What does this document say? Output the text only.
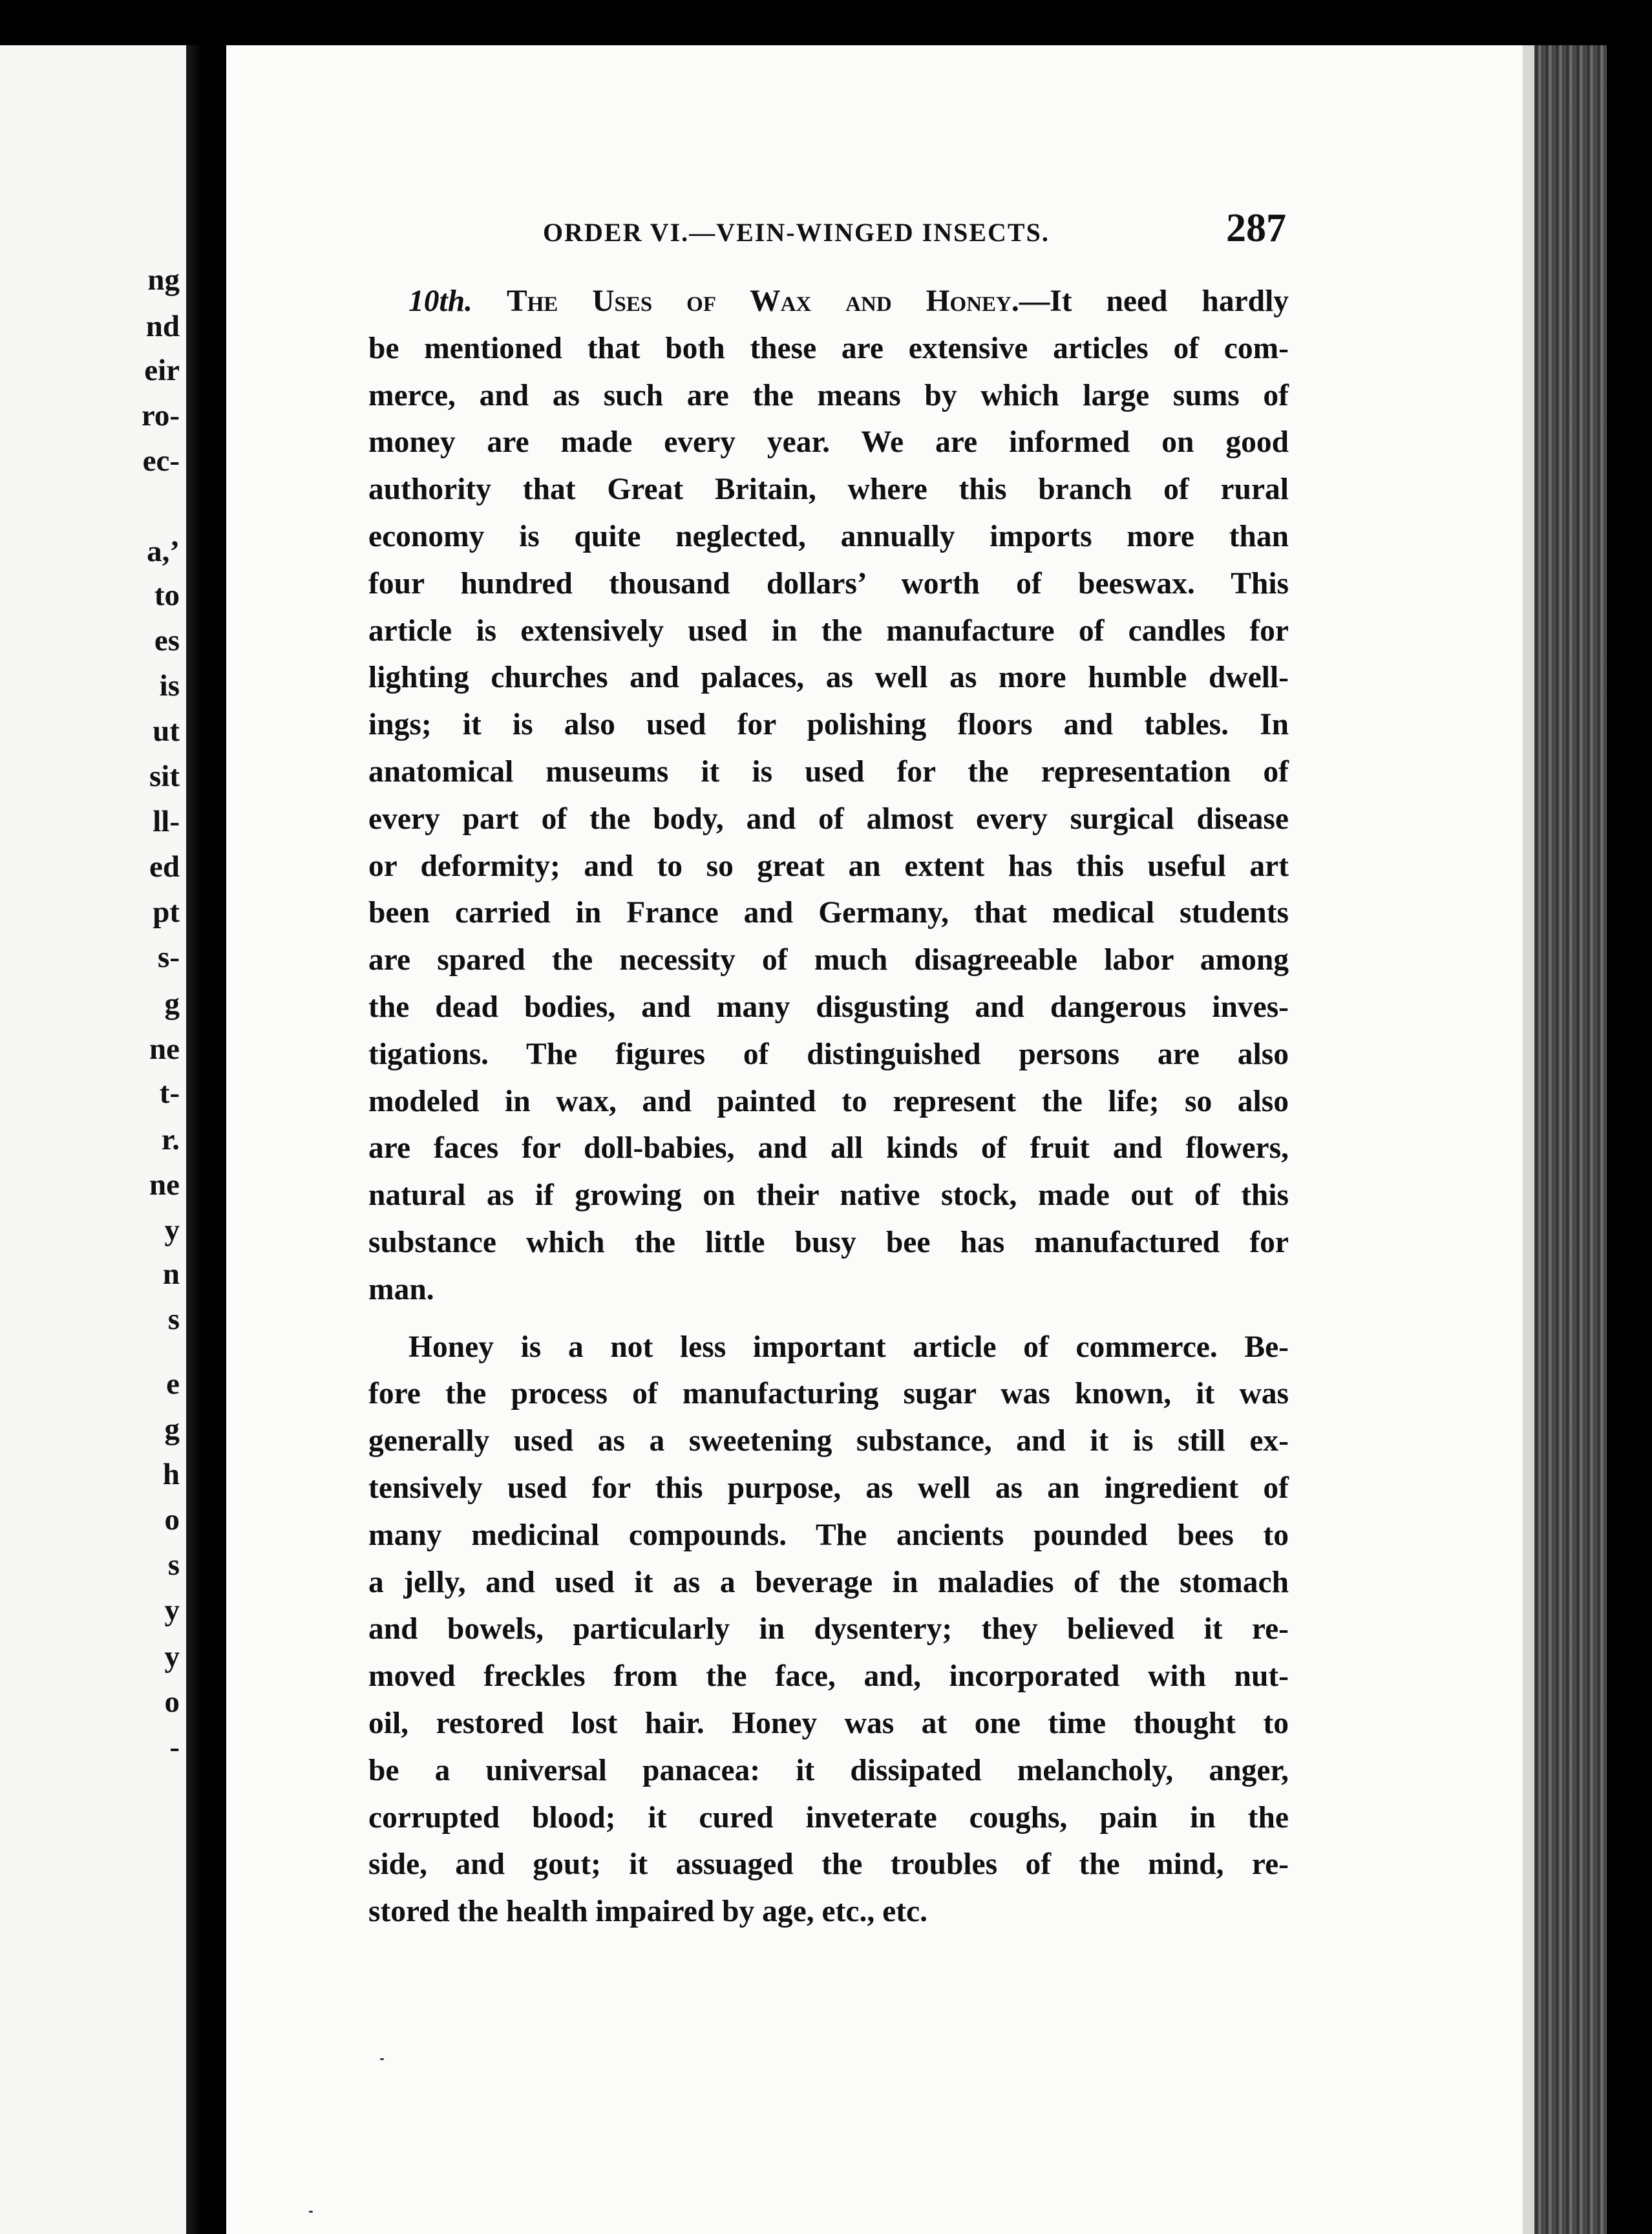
ng
nd
eir
ro-
ec-
a,’
to
es
is
ut
sit
ll-
ed
pt
s-
g
ne
t-
r.
ne
y
n
s
e
g
h
o
s
y
y
o
-
ORDER VI.—VEIN-WINGED INSECTS.	287
10th. The Uses of Wax and Honey.—It need hardly
be mentioned that both these are extensive articles of com-
merce, and as such are the means by which large sums of
money are made every year. We are informed on good
authority that Great Britain, where this branch of rural
economy is quite neglected, annually imports more than
four hundred thousand dollars’ worth of beeswax. This
article is extensively used in the manufacture of candles for
lighting churches and palaces, as well as more humble dwell-
ings; it is also used for polishing floors and tables. In
anatomical museums it is used for the representation of
every part of the body, and of almost every surgical disease
or deformity; and to so great an extent has this useful art
been carried in France and Germany, that medical students
are spared the necessity of much disagreeable labor among
the dead bodies, and many disgusting and dangerous inves-
tigations. The figures of distinguished persons are also
modeled in wax, and painted to represent the life; so also
are faces for doll-babies, and all kinds of fruit and flowers,
natural as if growing on their native stock, made out of this
substance which the little busy bee has manufactured for
man.
Honey is a not less important article of commerce. Be-
fore the process of manufacturing sugar was known, it was
generally used as a sweetening substance, and it is still ex-
tensively used for this purpose, as well as an ingredient of
many medicinal compounds. The ancients pounded bees to
a jelly, and used it as a beverage in maladies of the stomach
and bowels, particularly in dysentery; they believed it re-
moved freckles from the face, and, incorporated with nut-
oil, restored lost hair. Honey was at one time thought to
be a universal panacea: it dissipated melancholy, anger,
corrupted blood; it cured inveterate coughs, pain in the
side, and gout; it assuaged the troubles of the mind, re-
stored the health impaired by age, etc., etc.
